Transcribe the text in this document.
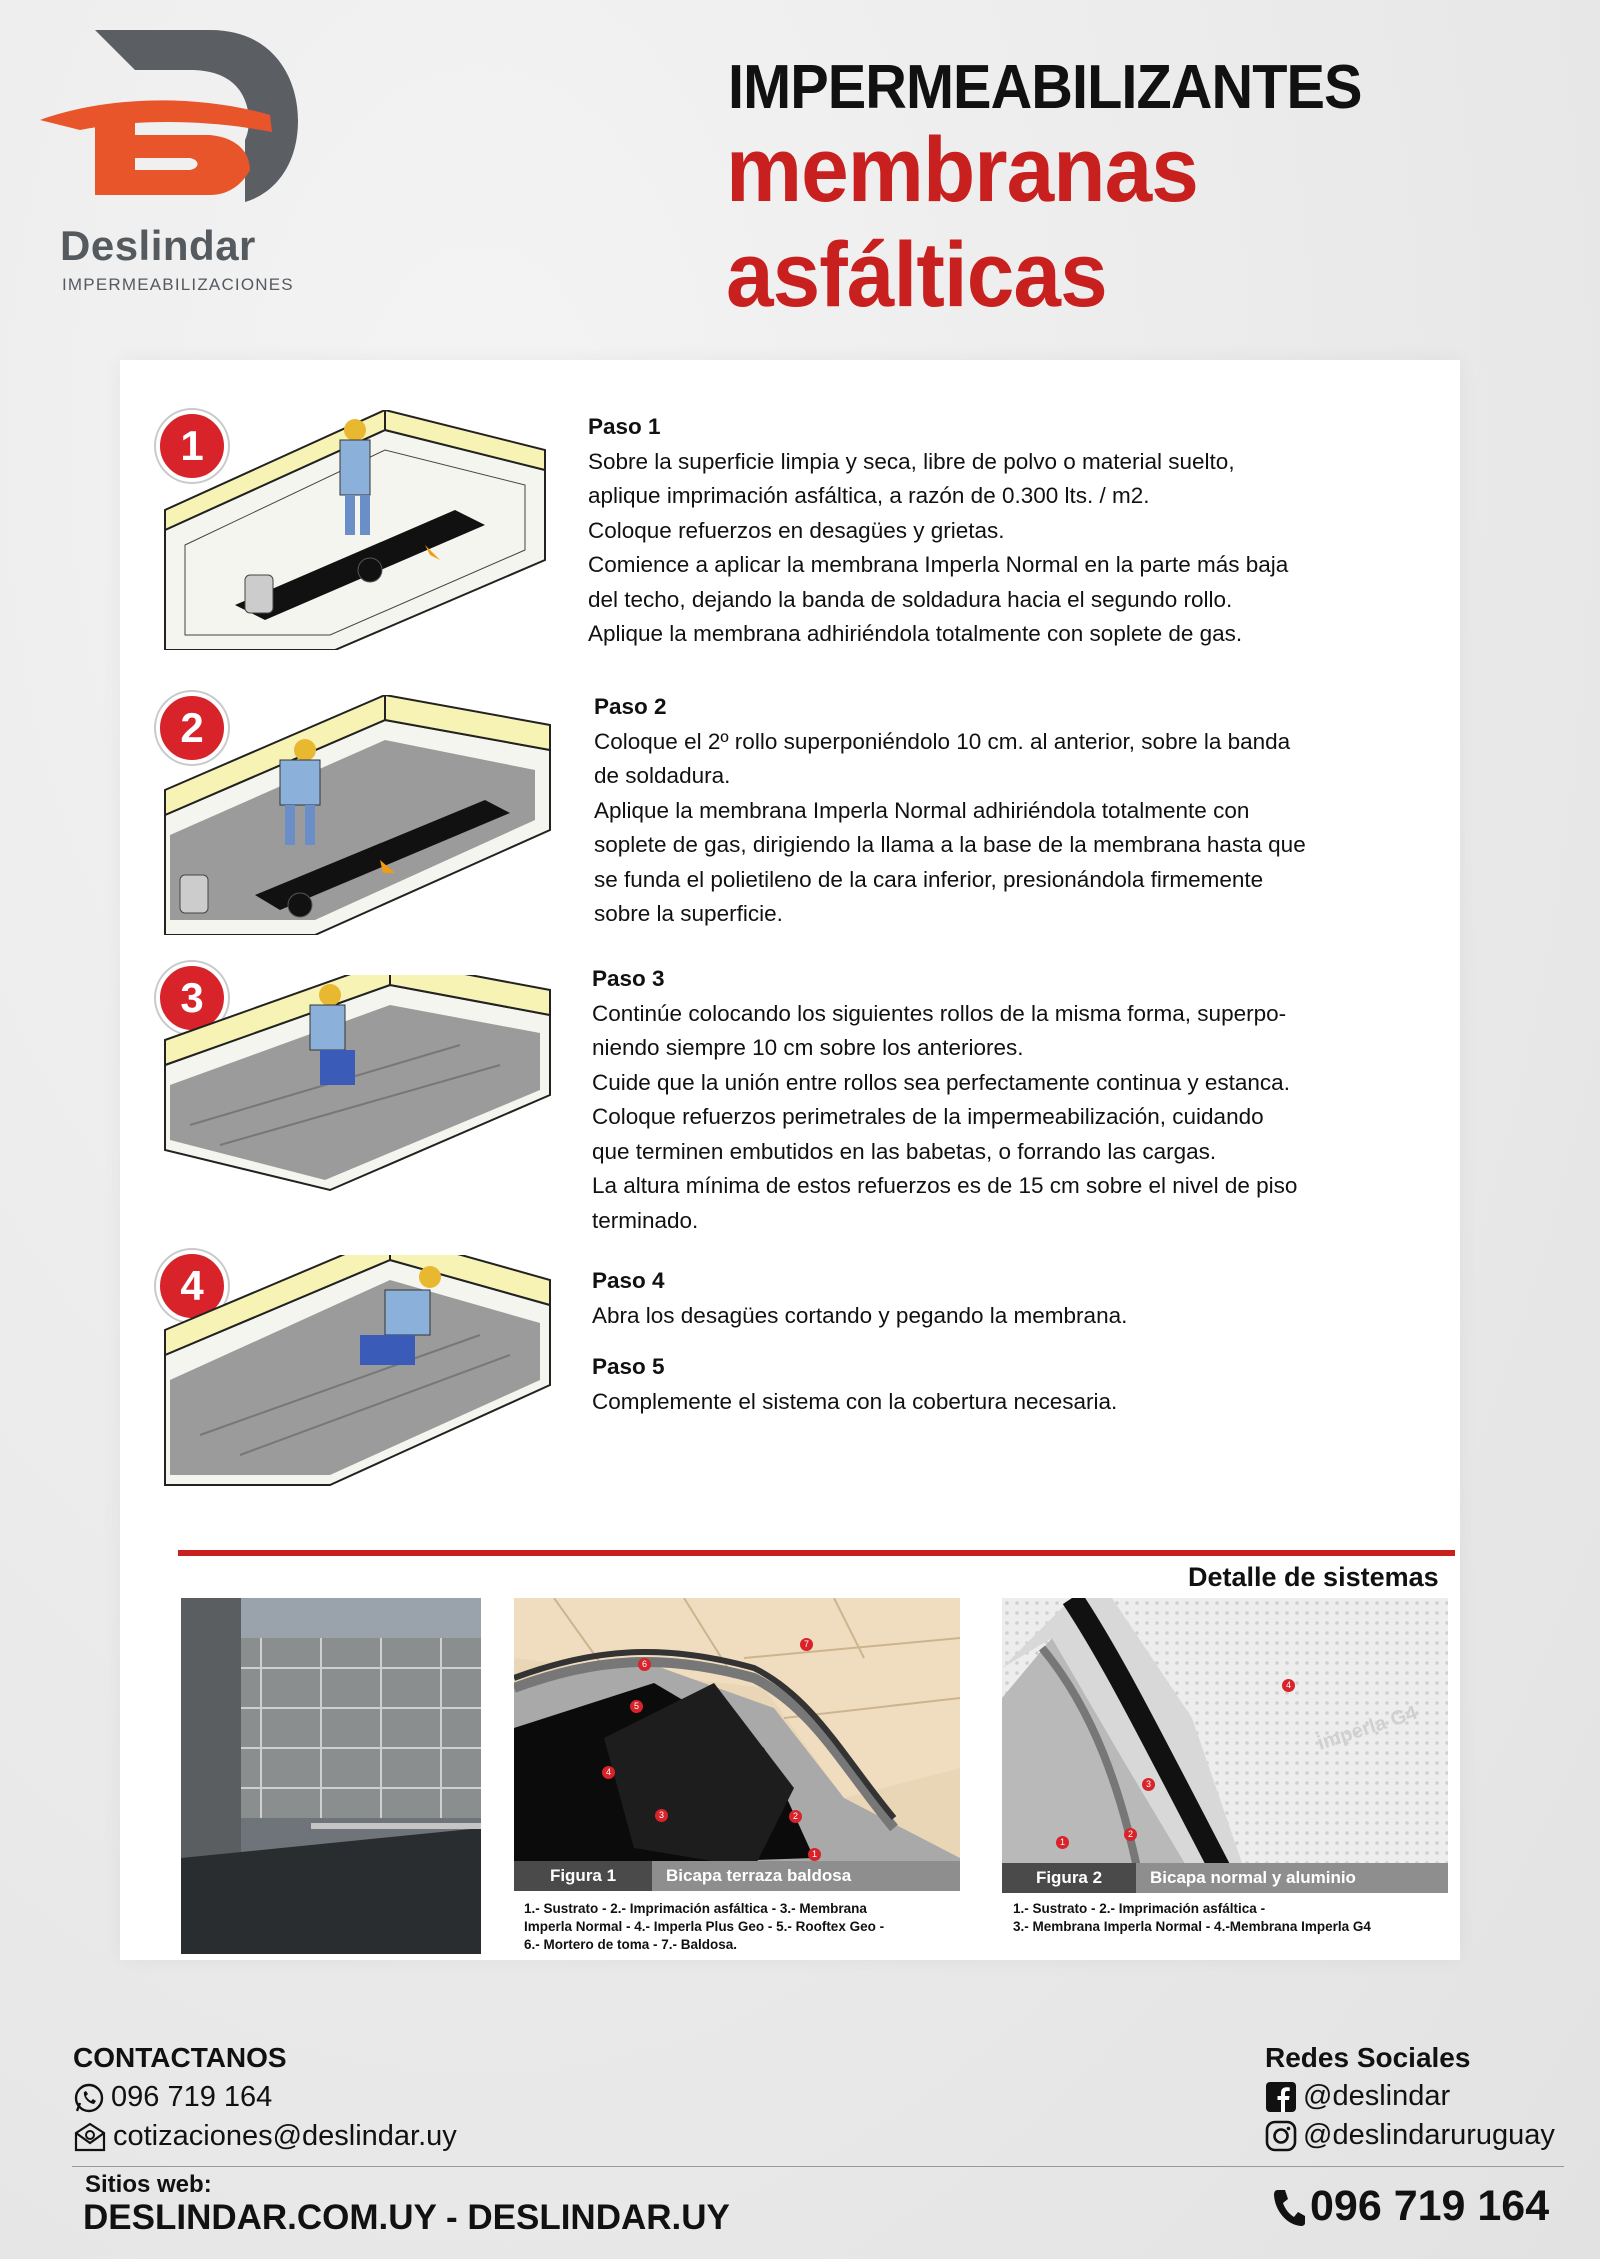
Deslindar
IMPERMEABILIZACIONES
IMPERMEABILIZANTES
membranas asfálticas
1	Paso 1

Sobre la superficie limpia y seca, libre de polvo o material suelto,

aplique imprimación asfáltica, a razón de 0.300 lts. / m2.

Coloque refuerzos en desagües y grietas.

Comience a aplicar la membrana Imperla Normal en la parte más baja

del techo, dejando la banda de soldadura hacia el segundo rollo.

Aplique la membrana adhiriéndola totalmente con soplete de gas.

2	Paso 2

Coloque el 2º rollo superponiéndolo 10 cm. al anterior, sobre la banda

de soldadura.

Aplique la membrana Imperla Normal adhiriéndola totalmente con

soplete de gas, dirigiendo la llama a la base de la membrana hasta que

se funda el polietileno de la cara inferior, presionándola firmemente

sobre la superficie.

3	Paso 3

Continúe colocando los siguientes rollos de la misma forma, superpo-

niendo siempre 10 cm sobre los anteriores.

Cuide que la unión entre rollos sea perfectamente continua y estanca.

Coloque refuerzos perimetrales de la impermeabilización, cuidando

que terminen embutidos en las babetas, o forrando las cargas.

La altura mínima de estos refuerzos es de 15 cm sobre el nivel de piso

terminado.

4	Paso 4

Abra los desagües cortando y pegando la membrana.

Paso 5

Complemente el sistema con la cobertura necesaria.

Detalle de sistemas
7
6
5
4
3	2
1
Figura 1	Bicapa terraza baldosa
1.- Sustrato - 2.- Imprimación asfáltica - 3.- Membrana
Imperla Normal - 4.- Imperla Plus Geo - 5.- Rooftex Geo -
6.- Mortero de toma - 7.- Baldosa.
imperla G4
4
3
2
1
Figura 2	Bicapa normal y aluminio
1.- Sustrato - 2.- Imprimación asfáltica -
3.- Membrana Imperla Normal - 4.-Membrana Imperla G4
CONTACTANOS
096 719 164
cotizaciones@deslindar.uy
Redes Sociales
@deslindar
@deslindaruruguay
Sitios web:
DESLINDAR.COM.UY - DESLINDAR.UY	096 719 164
